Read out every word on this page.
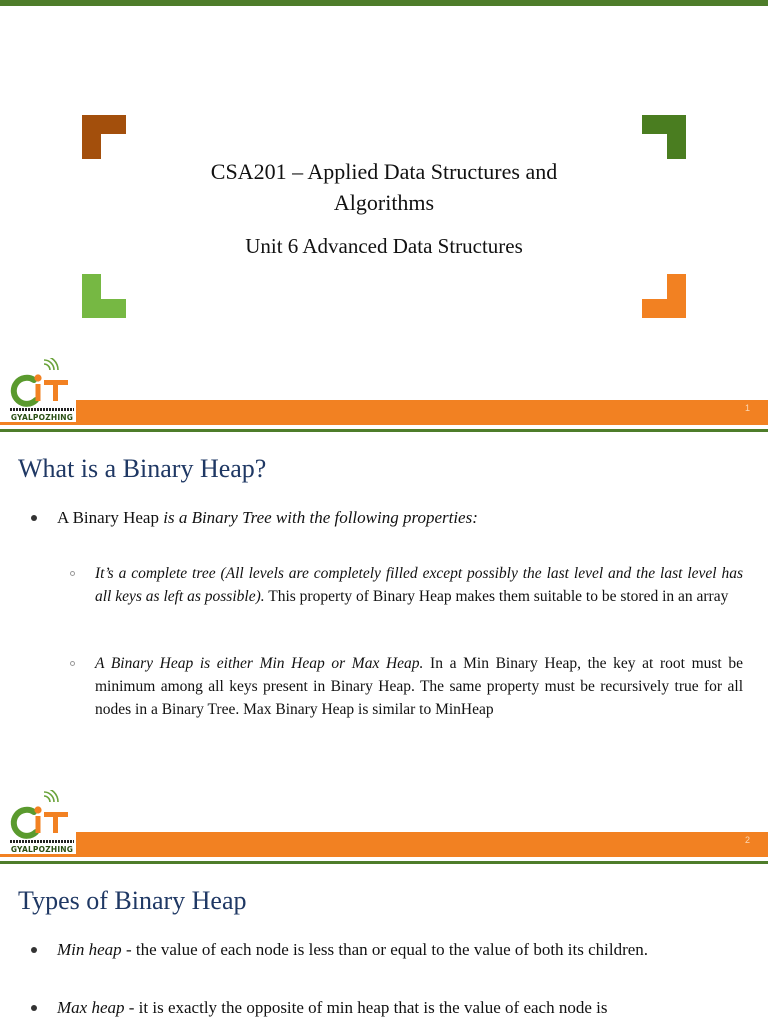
CSA201 – Applied Data Structures and
Algorithms
Unit 6 Advanced Data Structures
GYALPOZHING
1
What is a Binary Heap?
A Binary Heap is a Binary Tree with the following properties:
It’s a complete tree (All levels are completely filled except possibly the last level and the last level has all keys as left as possible). This property of Binary Heap makes them suitable to be stored in an array
A Binary Heap is either Min Heap or Max Heap. In a Min Binary Heap, the key at root must be minimum among all keys present in Binary Heap. The same property must be recursively true for all nodes in a Binary Tree. Max Binary Heap is similar to MinHeap
GYALPOZHING
2
Types of Binary Heap
Min heap - the value of each node is less than or equal to the value of both its children.
Max heap - it is exactly the opposite of min heap that is the value of each node is
